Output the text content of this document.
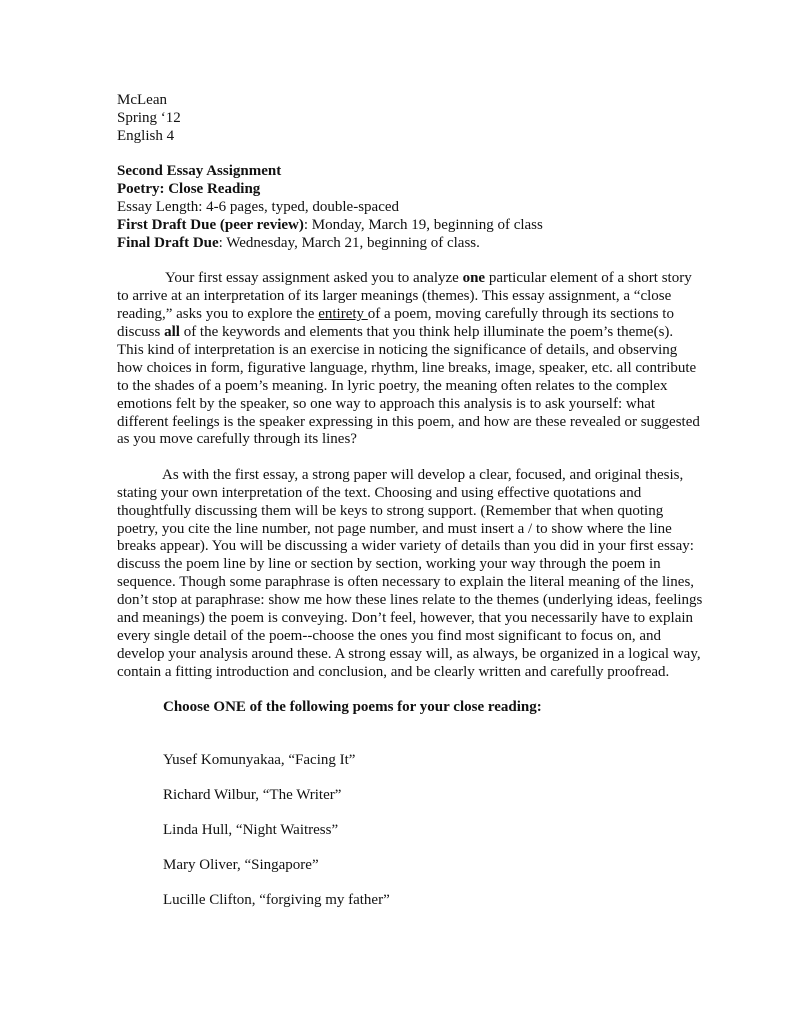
McLean
Spring ‘12
English 4
Second Essay Assignment
Poetry: Close Reading
Essay Length: 4-6 pages, typed, double-spaced
First Draft Due (peer review): Monday, March 19, beginning of class
Final Draft Due: Wednesday, March 21, beginning of class.
Your first essay assignment asked you to analyze one particular element of a short story
to arrive at an interpretation of its larger meanings (themes). This essay assignment, a “close
reading,” asks you to explore the entirety of a poem, moving carefully through its sections to
discuss all of the keywords and elements that you think help illuminate the poem’s theme(s).
This kind of interpretation is an exercise in noticing the significance of details, and observing
how choices in form, figurative language, rhythm, line breaks, image, speaker, etc. all contribute
to the shades of a poem’s meaning. In lyric poetry, the meaning often relates to the complex
emotions felt by the speaker, so one way to approach this analysis is to ask yourself: what
different feelings is the speaker expressing in this poem, and how are these revealed or suggested
as you move carefully through its lines?
As with the first essay, a strong paper will develop a clear, focused, and original thesis,
stating your own interpretation of the text. Choosing and using effective quotations and
thoughtfully discussing them will be keys to strong support. (Remember that when quoting
poetry, you cite the line number, not page number, and must insert a / to show where the line
breaks appear). You will be discussing a wider variety of details than you did in your first essay:
discuss the poem line by line or section by section, working your way through the poem in
sequence. Though some paraphrase is often necessary to explain the literal meaning of the lines,
don’t stop at paraphrase: show me how these lines relate to the themes (underlying ideas, feelings
and meanings) the poem is conveying. Don’t feel, however, that you necessarily have to explain
every single detail of the poem--choose the ones you find most significant to focus on, and
develop your analysis around these. A strong essay will, as always, be organized in a logical way,
contain a fitting introduction and conclusion, and be clearly written and carefully proofread.
Choose ONE of the following poems for your close reading:
Yusef Komunyakaa, “Facing It”
Richard Wilbur, “The Writer”
Linda Hull, “Night Waitress”
Mary Oliver, “Singapore”
Lucille Clifton, “forgiving my father”
